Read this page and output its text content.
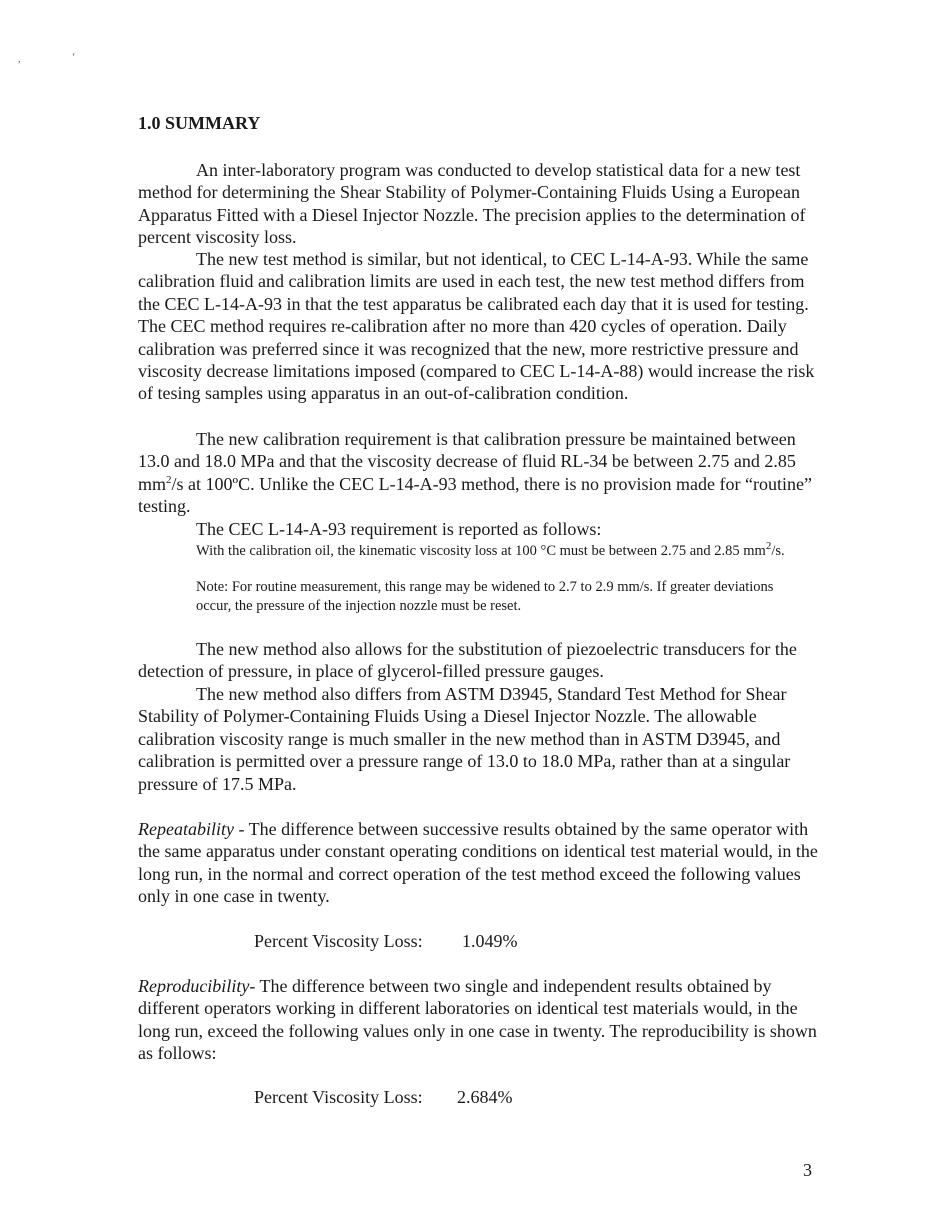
,	‘
1.0 SUMMARY
An inter-laboratory program was conducted to develop statistical data for a new test method for determining the Shear Stability of Polymer-Containing Fluids Using a European Apparatus Fitted with a Diesel Injector Nozzle. The precision applies to the determination of percent viscosity loss.
The new test method is similar, but not identical, to CEC L-14-A-93. While the same calibration fluid and calibration limits are used in each test, the new test method differs from the CEC L-14-A-93 in that the test apparatus be calibrated each day that it is used for testing. The CEC method requires re-calibration after no more than 420 cycles of operation. Daily calibration was preferred since it was recognized that the new, more restrictive pressure and viscosity decrease limitations imposed (compared to CEC L-14-A-88) would increase the risk of tesing samples using apparatus in an out-of-calibration condition.
The new calibration requirement is that calibration pressure be maintained between 13.0 and 18.0 MPa and that the viscosity decrease of fluid RL-34 be between 2.75 and 2.85 $mm^2/s$ at 100ºC. Unlike the CEC L-14-A-93 method, there is no provision made for “routine” testing.
The CEC L-14-A-93 requirement is reported as follows:
With the calibration oil, the kinematic viscosity loss at 100 °C must be between 2.75 and 2.85 $mm^2/s$.
Note: For routine measurement, this range may be widened to 2.7 to 2.9 mm/s. If greater deviations occur, the pressure of the injection nozzle must be reset.
The new method also allows for the substitution of piezoelectric transducers for the detection of pressure, in place of glycerol-filled pressure gauges.
The new method also differs from ASTM D3945, Standard Test Method for Shear Stability of Polymer-Containing Fluids Using a Diesel Injector Nozzle. The allowable calibration viscosity range is much smaller in the new method than in ASTM D3945, and calibration is permitted over a pressure range of 13.0 to 18.0 MPa, rather than at a singular pressure of 17.5 MPa.
Repeatability - The difference between successive results obtained by the same operator with the same apparatus under constant operating conditions on identical test material would, in the long run, in the normal and correct operation of the test method exceed the following values only in one case in twenty.
Percent Viscosity Loss: 1.049%
Reproducibility- The difference between two single and independent results obtained by different operators working in different laboratories on identical test materials would, in the long run, exceed the following values only in one case in twenty. The reproducibility is shown as follows:
Percent Viscosity Loss: 2.684%
3
